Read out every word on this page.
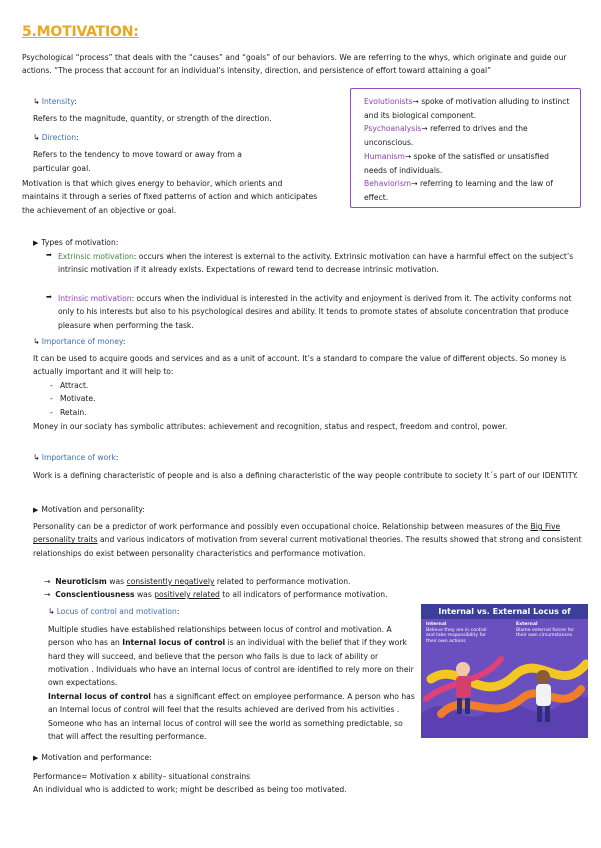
5.MOTIVATION:

Psychological “process” that deals with the “causes” and “goals” of our behaviors. We are referring to the whys, which originate and guide our actions. “The process that account for an individual’s intensity, direction, and persistence of effort toward attaining a goal”

↳ Intensity:

Refers to the magnitude, quantity, or strength of the direction.

↳ Direction:

Refers to the tendency to move toward or away from a

particular goal.

Motivation is that which gives energy to behavior, which orients and maintains it through a series of fixed patterns of action and which anticipates the achievement of an objective or goal.

Evolutionists→ spoke of motivation alluding to instinct and its biological component.

Psychoanalysis→ referred to drives and the unconscious.

Humanism→ spoke of the satisfied or unsatisfied needs of individuals.

Behaviorism→ referring to learning and the law of effect.

▶ Types of motivation:
➡ Extrinsic motivation: occurs when the interest is external to the activity. Extrinsic motivation can have a harmful effect on the subject’s intrinsic motivation if it already exists. Expectations of reward tend to decrease intrinsic motivation.

➡ Intrinsic motivation: occurs when the individual is interested in the activity and enjoyment is derived from it. The activity conforms not only to his interests but also to his psychological desires and ability. It tends to promote states of absolute concentration that produce pleasure when performing the task.

↳ Importance of money:

It can be used to acquire goods and services and as a unit of account. It’s a standard to compare the value of different objects. So money is actually important and it will help to:

-   Attract.
-   Motivate.
-   Retain.

Money in our sociaty has symbolic attributes: achievement and recognition, status and respect, freedom and control, power.

↳ Importance of work:

Work is a defining characteristic of people and is also a defining characteristic of the way people contribute to society It´s part of our IDENTITY.

▶ Motivation and personality:

Personality can be a predictor of work performance and possibly even occupational choice. Relationship between measures of the Big Five personality traits and various indicators of motivation from several current motivational theories. The results showed that strong and consistent relationships do exist between personality characteristics and performance motivation.

→ Neuroticism was consistently negatively related to performance motivation.
→ Conscientiousness was positively related to all indicators of performance motivation.
↳ Locus of control and motivation:

Multiple studies have established relationships between locus of control and motivation. A person who has an Internal locus of control is an individual with the belief that if they work hard they will succeed, and believe that the person who fails is due to lack of ability or motivation . Individuals who have an internal locus of control are identified to rely more on their own expectations.

Internal locus of control has a significant effect on employee performance. A person who has an Internal locus of control will feel that the results achieved are derived from his activities . Someone who has an internal locus of control will see the world as something predictable, so that will affect the resulting performance.

Internal vs. External Locus of
Internal
Believe they are in control and take responsibility for their own actions
External
Blame external forces for their own circumstances
▶ Motivation and performance:

Performance= Motivation x ability– situational constrains

An individual who is addicted to work; might be described as being too motivated.
